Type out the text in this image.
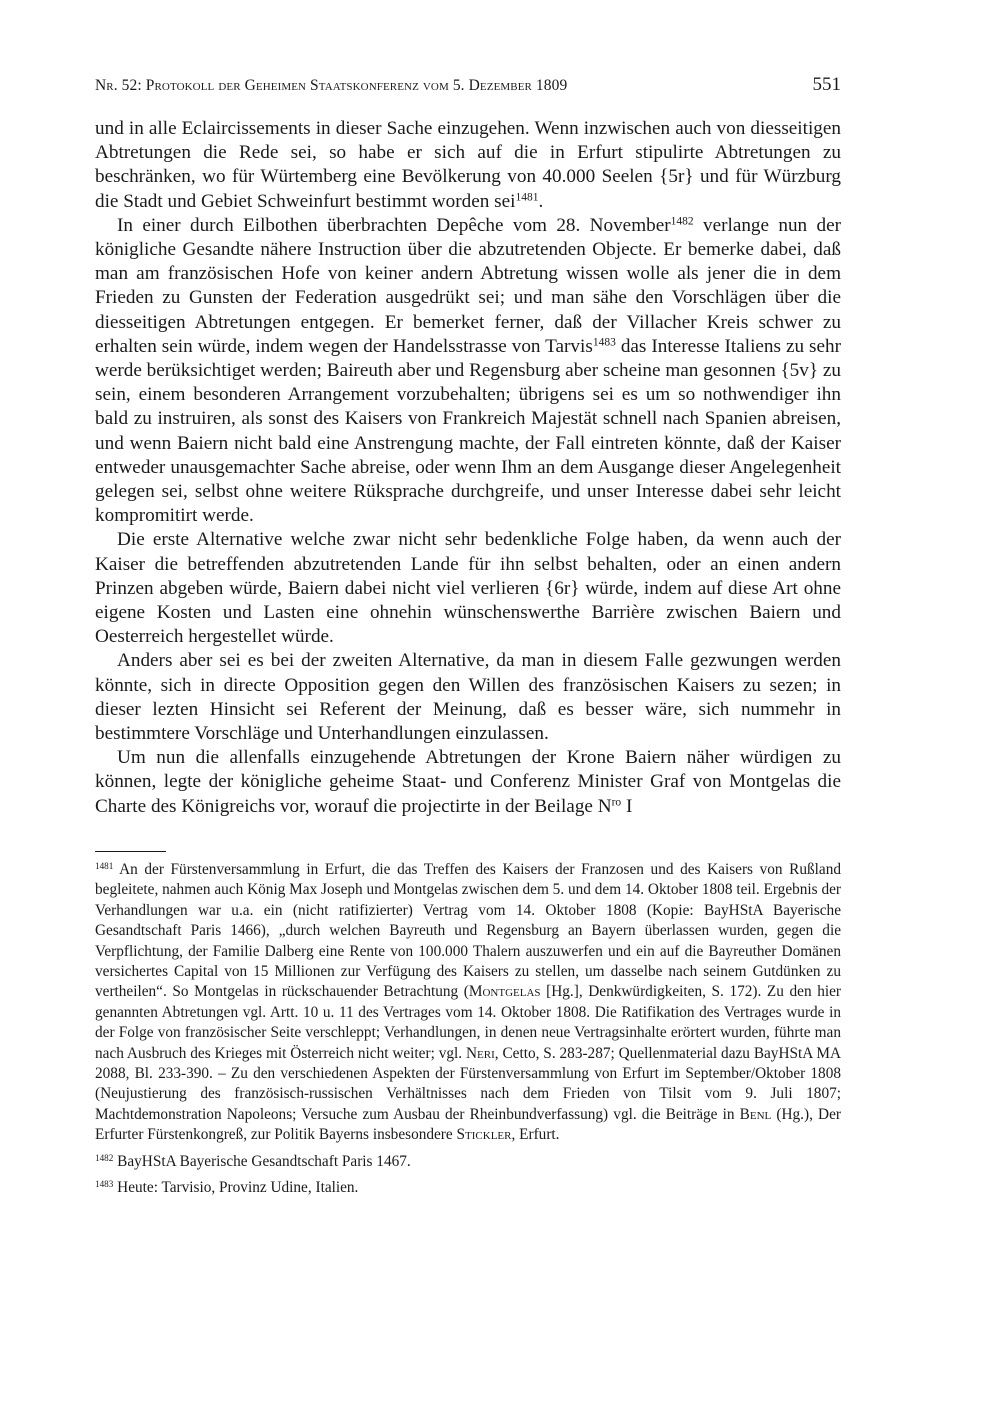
Nr. 52: Protokoll der Geheimen Staatskonferenz vom 5. Dezember 1809	551

und in alle Eclaircissements in dieser Sache einzugehen. Wenn inzwischen auch von diesseitigen Abtretungen die Rede sei, so habe er sich auf die in Erfurt stipulirte Abtretungen zu beschränken, wo für Würtemberg eine Bevölkerung von 40.000 Seelen {5r} und für Würzburg die Stadt und Gebiet Schweinfurt bestimmt worden sei$^{1481}$.

In einer durch Eilbothen überbrachten Depêche vom 28. November$^{1482}$ verlange nun der königliche Gesandte nähere Instruction über die abzutretenden Objecte. Er bemerke dabei, daß man am französischen Hofe von keiner andern Abtretung wissen wolle als jener die in dem Frieden zu Gunsten der Federation ausgedrükt sei; und man sähe den Vorschlägen über die diesseitigen Abtretungen entgegen. Er bemerket ferner, daß der Villacher Kreis schwer zu erhalten sein würde, indem wegen der Handelsstrasse von Tarvis$^{1483}$ das Interesse Italiens zu sehr werde berüksichtiget werden; Baireuth aber und Regensburg aber scheine man gesonnen {5v} zu sein, einem besonderen Arrangement vorzubehalten; übrigens sei es um so nothwendiger ihn bald zu instruiren, als sonst des Kaisers von Frankreich Majestät schnell nach Spanien abreisen, und wenn Baiern nicht bald eine Anstrengung machte, der Fall eintreten könnte, daß der Kaiser entweder unausgemachter Sache abreise, oder wenn Ihm an dem Ausgange dieser Angelegenheit gelegen sei, selbst ohne weitere Rüksprache durchgreife, und unser Interesse dabei sehr leicht kompromitirt werde.

Die erste Alternative welche zwar nicht sehr bedenkliche Folge haben, da wenn auch der Kaiser die betreffenden abzutretenden Lande für ihn selbst behalten, oder an einen andern Prinzen abgeben würde, Baiern dabei nicht viel verlieren {6r} würde, indem auf diese Art ohne eigene Kosten und Lasten eine ohnehin wünschenswerthe Barrière zwischen Baiern und Oesterreich hergestellet würde.

Anders aber sei es bei der zweiten Alternative, da man in diesem Falle gezwungen werden könnte, sich in directe Opposition gegen den Willen des französischen Kaisers zu sezen; in dieser lezten Hinsicht sei Referent der Meinung, daß es besser wäre, sich nummehr in bestimmtere Vorschläge und Unterhandlungen einzulassen.

Um nun die allenfalls einzugehende Abtretungen der Krone Baiern näher würdigen zu können, legte der königliche geheime Staat- und Conferenz Minister Graf von Montgelas die Charte des Königreichs vor, worauf die projectirte in der Beilage $N^{ro}$ I

$^{1481}$ An der Fürstenversammlung in Erfurt, die das Treffen des Kaisers der Franzosen und des Kaisers von Rußland begleitete, nahmen auch König Max Joseph und Montgelas zwischen dem 5. und dem 14. Oktober 1808 teil. Ergebnis der Verhandlungen war u.a. ein (nicht ratifizierter) Vertrag vom 14. Oktober 1808 (Kopie: BayHStA Bayerische Gesandtschaft Paris 1466), „durch welchen Bayreuth und Regensburg an Bayern überlassen wurden, gegen die Verpflichtung, der Familie Dalberg eine Rente von 100.000 Thalern auszuwerfen und ein auf die Bayreuther Domänen versichertes Capital von 15 Millionen zur Verfügung des Kaisers zu stellen, um dasselbe nach seinem Gutdünken zu vertheilen“. So Montgelas in rückschauender Betrachtung (Montgelas [Hg.], Denkwürdigkeiten, S. 172). Zu den hier genannten Abtretungen vgl. Artt. 10 u. 11 des Vertrages vom 14. Oktober 1808. Die Ratifikation des Vertrages wurde in der Folge von französischer Seite verschleppt; Verhandlungen, in denen neue Vertragsinhalte erörtert wurden, führte man nach Ausbruch des Krieges mit Österreich nicht weiter; vgl. Neri, Cetto, S. 283-287; Quellenmaterial dazu BayHStA MA 2088, Bl. 233-390. – Zu den verschiedenen Aspekten der Fürstenversammlung von Erfurt im September/Oktober 1808 (Neujustierung des französisch-russischen Verhältnisses nach dem Frieden von Tilsit vom 9. Juli 1807; Machtdemonstration Napoleons; Versuche zum Ausbau der Rheinbundverfassung) vgl. die Beiträge in Benl (Hg.), Der Erfurter Fürstenkongreß, zur Politik Bayerns insbesondere Stickler, Erfurt.

$^{1482}$ BayHStA Bayerische Gesandtschaft Paris 1467.

$^{1483}$ Heute: Tarvisio, Provinz Udine, Italien.
